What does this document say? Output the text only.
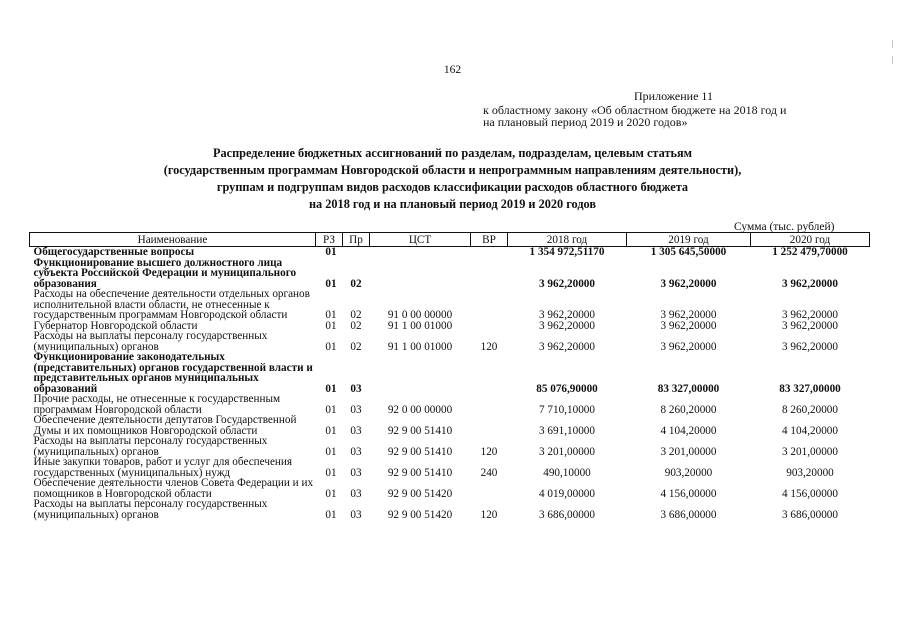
162
Приложение 11
к областному закону «Об областном бюджете на 2018 год и
на плановый период 2019 и 2020 годов»
Распределение бюджетных ассигнований по разделам, подразделам, целевым статьям
(государственным программам Новгородской области и непрограммным направлениям деятельности),
группам и подгруппам видов расходов классификации расходов областного бюджета
на 2018 год и на плановый период 2019 и 2020 годов
Сумма (тыс. рублей)
Наименование	РЗ	Пр	ЦСТ	ВР	2018 год	2019 год	2020 год
Общегосударственные вопросы	01				1 354 972,51170	1 305 645,50000	1 252 479,70000
Функционирование высшего должностного лица субъекта Российской Федерации и муниципального образования	01	02			3 962,20000	3 962,20000	3 962,20000
Расходы на обеспечение деятельности отдельных органов исполнительной власти области, не отнесенные к государственным программам Новгородской области	01	02	91 0 00 00000		3 962,20000	3 962,20000	3 962,20000
Губернатор Новгородской области	01	02	91 1 00 01000		3 962,20000	3 962,20000	3 962,20000
Расходы на выплаты персоналу государственных (муниципальных) органов	01	02	91 1 00 01000	120	3 962,20000	3 962,20000	3 962,20000
Функционирование законодательных (представительных) органов государственной власти и представительных органов муниципальных образований	01	03			85 076,90000	83 327,00000	83 327,00000
Прочие расходы, не отнесенные к государственным программам Новгородской области	01	03	92 0 00 00000		7 710,10000	8 260,20000	8 260,20000
Обеспечение деятельности депутатов Государственной Думы и их помощников Новгородской области	01	03	92 9 00 51410		3 691,10000	4 104,20000	4 104,20000
Расходы на выплаты персоналу государственных (муниципальных) органов	01	03	92 9 00 51410	120	3 201,00000	3 201,00000	3 201,00000
Иные закупки товаров, работ и услуг для обеспечения государственных (муниципальных) нужд	01	03	92 9 00 51410	240	490,10000	903,20000	903,20000
Обеспечение деятельности членов Совета Федерации и их помощников в Новгородской области	01	03	92 9 00 51420		4 019,00000	4 156,00000	4 156,00000
Расходы на выплаты персоналу государственных (муниципальных) органов	01	03	92 9 00 51420	120	3 686,00000	3 686,00000	3 686,00000
